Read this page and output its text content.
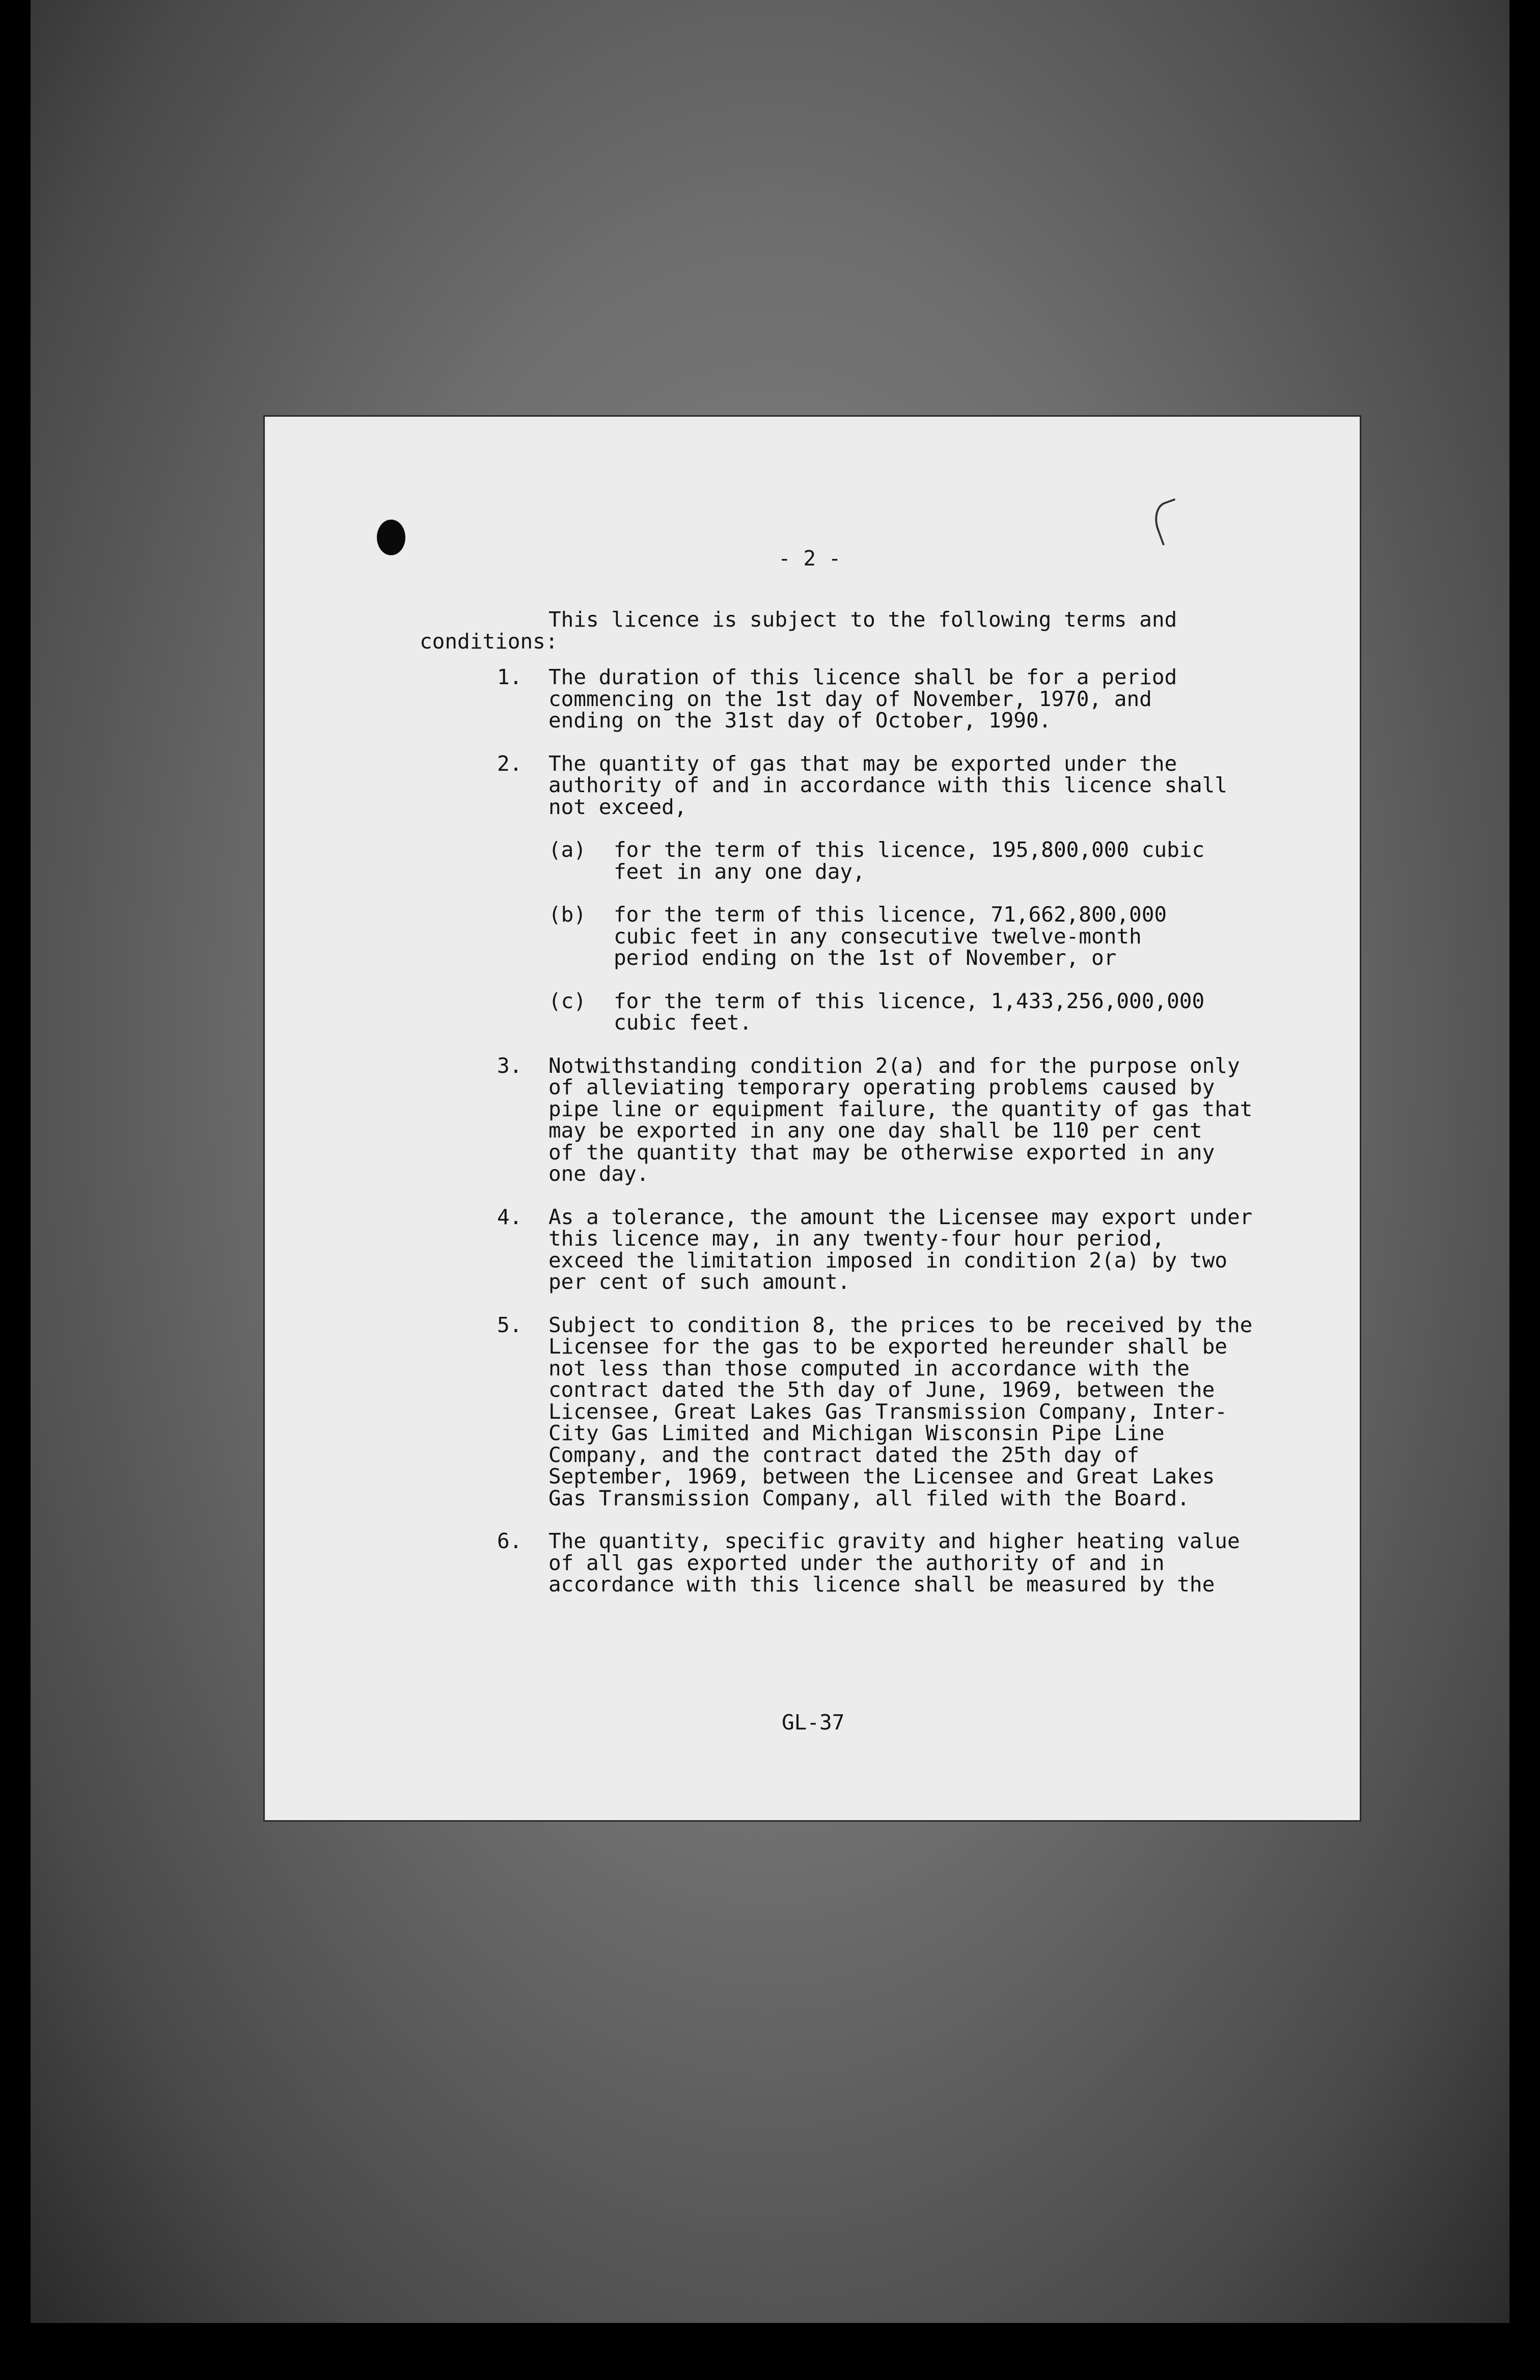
- 2 -
GL-37
This licence is subject to the following terms and
conditions:
1. The duration of this licence shall be for a period
commencing on the 1st day of November, 1970, and
ending on the 31st day of October, 1990.
2. The quantity of gas that may be exported under the
authority of and in accordance with this licence shall
not exceed,
(a) for the term of this licence, 195,800,000 cubic
feet in any one day,
(b) for the term of this licence, 71,662,800,000
cubic feet in any consecutive twelve-month
period ending on the 1st of November, or
(c) for the term of this licence, 1,433,256,000,000
cubic feet.
3. Notwithstanding condition 2(a) and for the purpose only
of alleviating temporary operating problems caused by
pipe line or equipment failure, the quantity of gas that
may be exported in any one day shall be 110 per cent
of the quantity that may be otherwise exported in any
one day.
4. As a tolerance, the amount the Licensee may export under
this licence may, in any twenty-four hour period,
exceed the limitation imposed in condition 2(a) by two
per cent of such amount.
5. Subject to condition 8, the prices to be received by the
Licensee for the gas to be exported hereunder shall be
not less than those computed in accordance with the
contract dated the 5th day of June, 1969, between the
Licensee, Great Lakes Gas Transmission Company, Inter-
City Gas Limited and Michigan Wisconsin Pipe Line
Company, and the contract dated the 25th day of
September, 1969, between the Licensee and Great Lakes
Gas Transmission Company, all filed with the Board.
6. The quantity, specific gravity and higher heating value
of all gas exported under the authority of and in
accordance with this licence shall be measured by the
